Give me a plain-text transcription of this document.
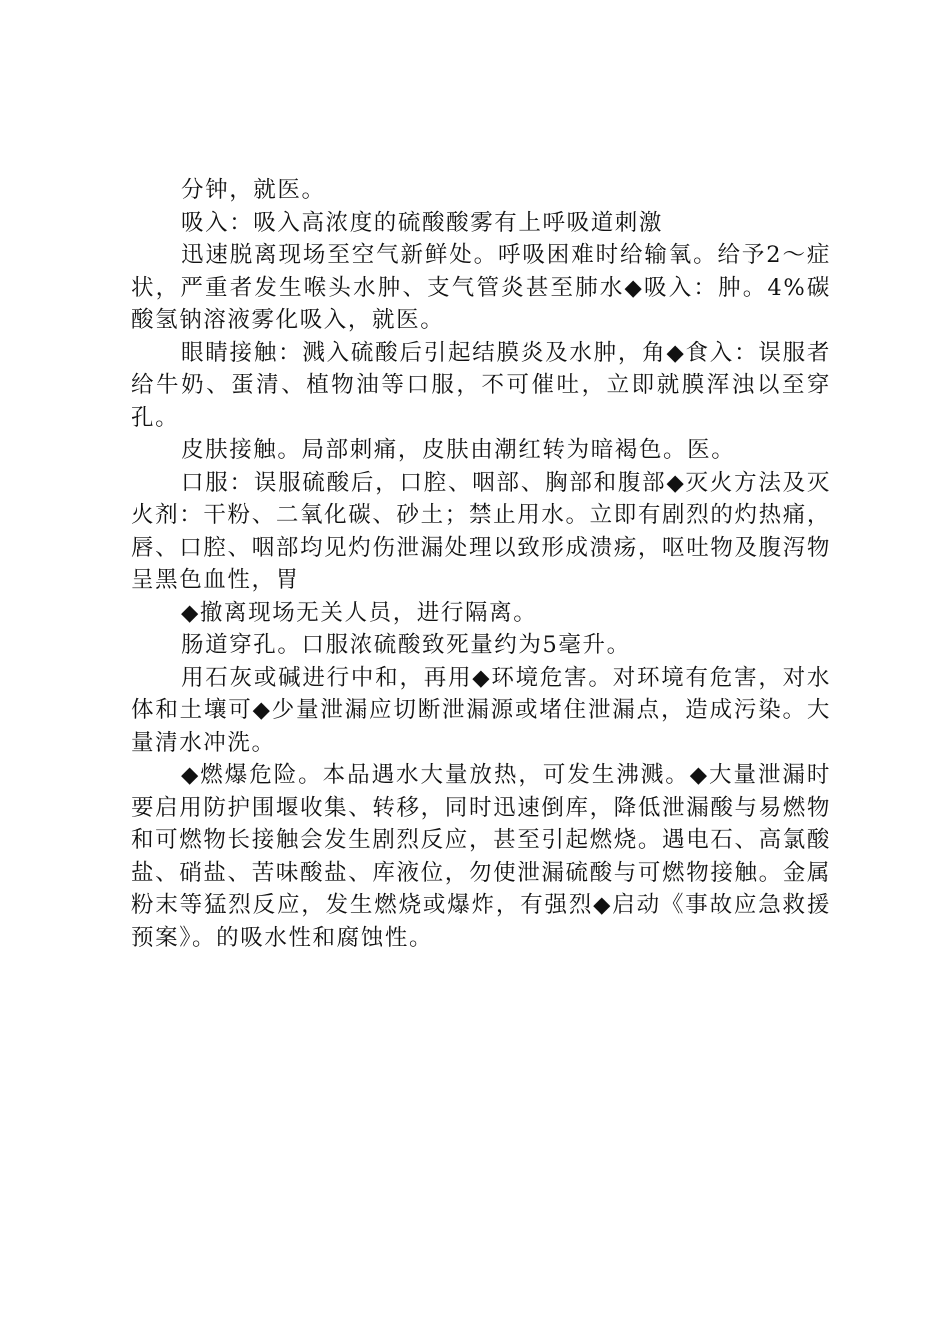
分钟，就医。

吸入：吸入高浓度的硫酸酸雾有上呼吸道刺激

迅速脱离现场至空气新鲜处。呼吸困难时给输氧。给予2～症状，严重者发生喉头水肿、支气管炎甚至肺水◆吸入：肿。4%碳酸氢钠溶液雾化吸入，就医。

眼睛接触：溅入硫酸后引起结膜炎及水肿，角◆食入：误服者给牛奶、蛋清、植物油等口服，不可催吐，立即就膜浑浊以至穿孔。

皮肤接触。局部刺痛，皮肤由潮红转为暗褐色。医。

口服：误服硫酸后，口腔、咽部、胸部和腹部◆灭火方法及灭火剂：干粉、二氧化碳、砂土；禁止用水。立即有剧烈的灼热痛，唇、口腔、咽部均见灼伤泄漏处理以致形成溃疡，呕吐物及腹泻物呈黑色血性，胃

◆撤离现场无关人员，进行隔离。

肠道穿孔。口服浓硫酸致死量约为5毫升。

用石灰或碱进行中和，再用◆环境危害。对环境有危害，对水体和土壤可◆少量泄漏应切断泄漏源或堵住泄漏点，造成污染。大量清水冲洗。

◆燃爆危险。本品遇水大量放热，可发生沸溅。◆大量泄漏时要启用防护围堰收集、转移，同时迅速倒库，降低泄漏酸与易燃物和可燃物长接触会发生剧烈反应，甚至引起燃烧。遇电石、高氯酸盐、硝盐、苦味酸盐、库液位，勿使泄漏硫酸与可燃物接触。金属粉末等猛烈反应，发生燃烧或爆炸，有强烈◆启动《事故应急救援预案》。的吸水性和腐蚀性。
